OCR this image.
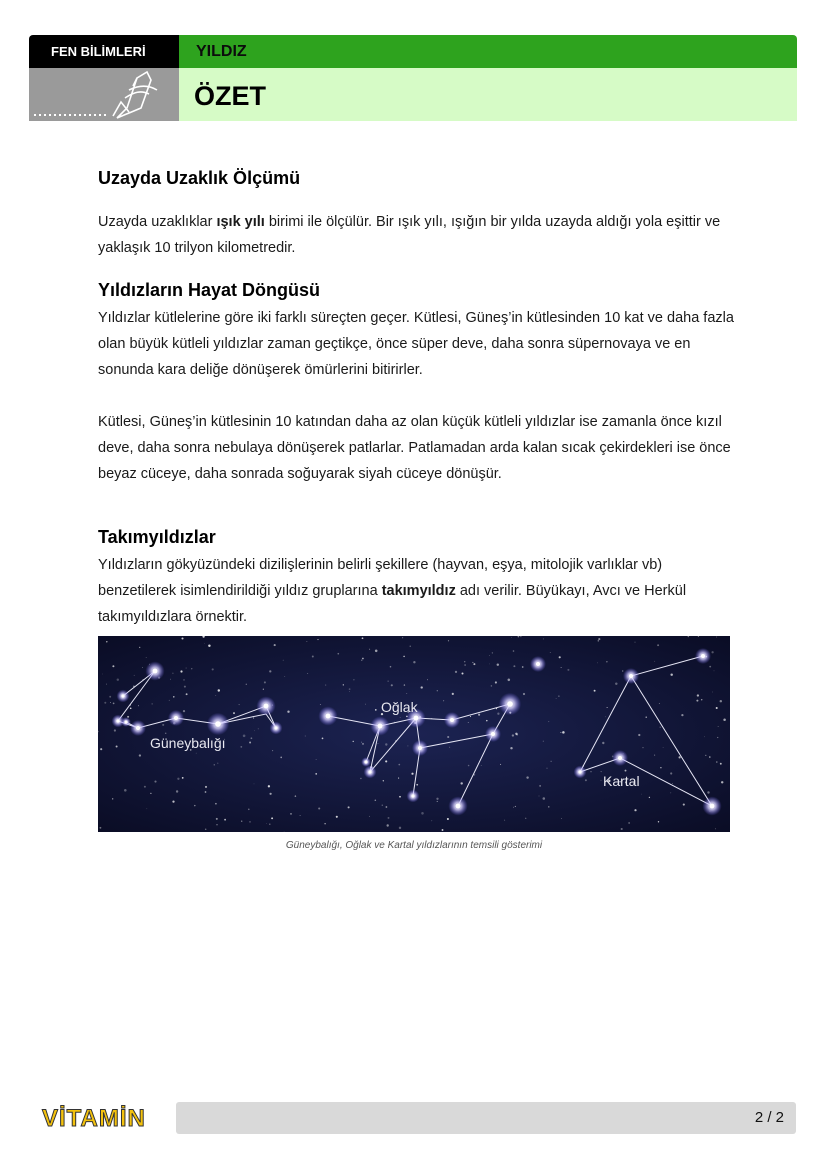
FEN BİLİMLERİ	YILDIZ
ÖZET
Uzayda Uzaklık Ölçümü

Uzayda uzaklıklar ışık yılı birimi ile ölçülür. Bir ışık yılı, ışığın bir yılda uzayda aldığı yola eşittir ve yaklaşık 10 trilyon kilometredir.

Yıldızların Hayat Döngüsü

Yıldızlar kütlelerine göre iki farklı süreçten geçer. Kütlesi, Güneş’in kütlesinden 10 kat ve daha fazla olan büyük kütleli yıldızlar zaman geçtikçe, önce süper deve, daha sonra süpernovaya ve en sonunda kara deliğe dönüşerek ömürlerini bitirirler.

Kütlesi, Güneş’in kütlesinin 10 katından daha az olan küçük kütleli yıldızlar ise zamanla önce kızıl deve, daha sonra nebulaya dönüşerek patlarlar. Patlamadan arda kalan sıcak çekirdekleri ise önce beyaz cüceye, daha sonrada soğuyarak siyah cüceye dönüşür.

Takımyıldızlar

Yıldızların gökyüzündeki dizilişlerinin belirli şekillere (hayvan, eşya, mitolojik varlıklar vb) benzetilerek isimlendirildiği yıldız gruplarına takımyıldız adı verilir. Büyükayı, Avcı ve Herkül takımyıldızlara örnektir.

Güneybalığı
Oğlak
Kartal
Güneybalığı, Oğlak ve Kartal yıldızlarının temsili gösterimi
VİTAMİN	2 / 2
